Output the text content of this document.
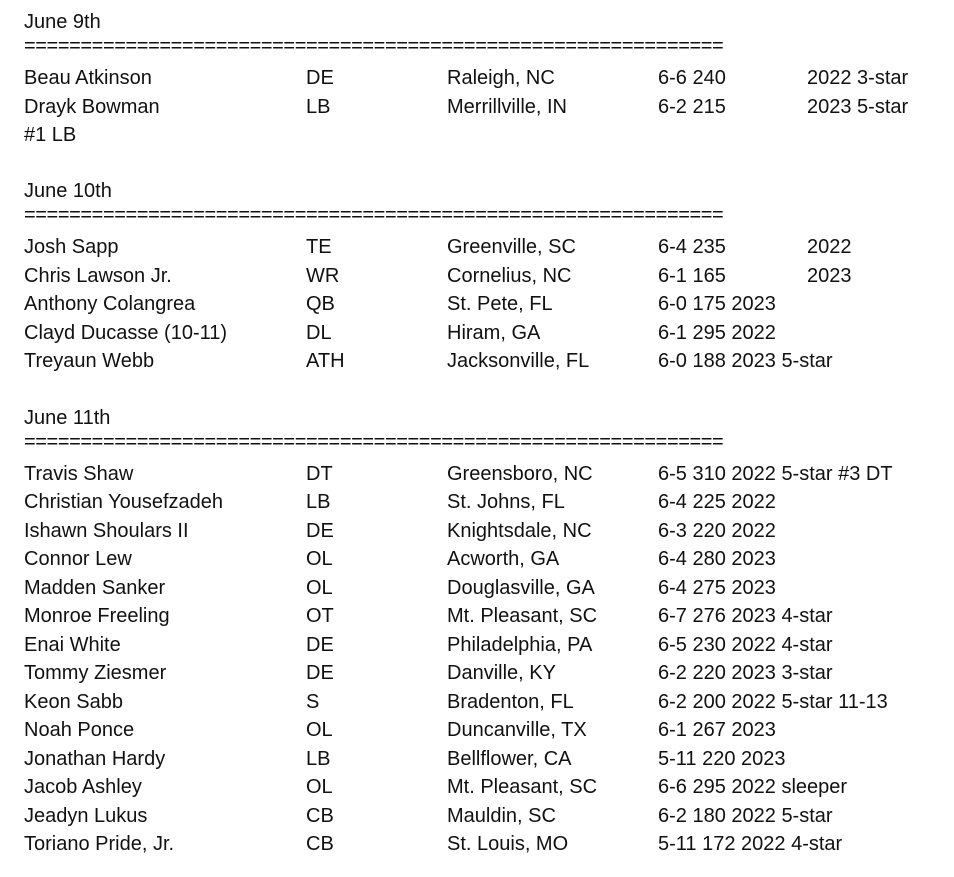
June 9th
==============================================================
Beau Atkinson	DE	Raleigh, NC	6-6 240	2022 3-star
Drayk Bowman	LB	Merrillville, IN	6-2 215	2023 5-star
#1 LB
June 10th
==============================================================
Josh Sapp	TE	Greenville, SC	6-4 235	2022
Chris Lawson Jr.	WR	Cornelius, NC	6-1 165	2023
Anthony Colangrea	QB	St. Pete, FL	6-0 175 2023
Clayd Ducasse (10-11)	DL	Hiram, GA	6-1 295 2022
Treyaun Webb	ATH	Jacksonville, FL	6-0 188 2023 5-star
June 11th
==============================================================
Travis Shaw	DT	Greensboro, NC	6-5 310 2022 5-star #3 DT
Christian Yousefzadeh	LB	St. Johns, FL	6-4 225 2022
Ishawn Shoulars II	DE	Knightsdale, NC	6-3 220 2022
Connor Lew	OL	Acworth, GA	6-4 280 2023
Madden Sanker	OL	Douglasville, GA	6-4 275 2023
Monroe Freeling	OT	Mt. Pleasant, SC	6-7 276 2023 4-star
Enai White	DE	Philadelphia, PA	6-5 230 2022 4-star
Tommy Ziesmer	DE	Danville, KY	6-2 220 2023 3-star
Keon Sabb	S	Bradenton, FL	6-2 200 2022 5-star 11-13
Noah Ponce	OL	Duncanville, TX	6-1 267 2023
Jonathan Hardy	LB	Bellflower, CA	5-11 220 2023
Jacob Ashley	OL	Mt. Pleasant, SC	6-6 295 2022 sleeper
Jeadyn Lukus	CB	Mauldin, SC	6-2 180 2022 5-star
Toriano Pride, Jr.	CB	St. Louis, MO	5-11 172 2022 4-star
